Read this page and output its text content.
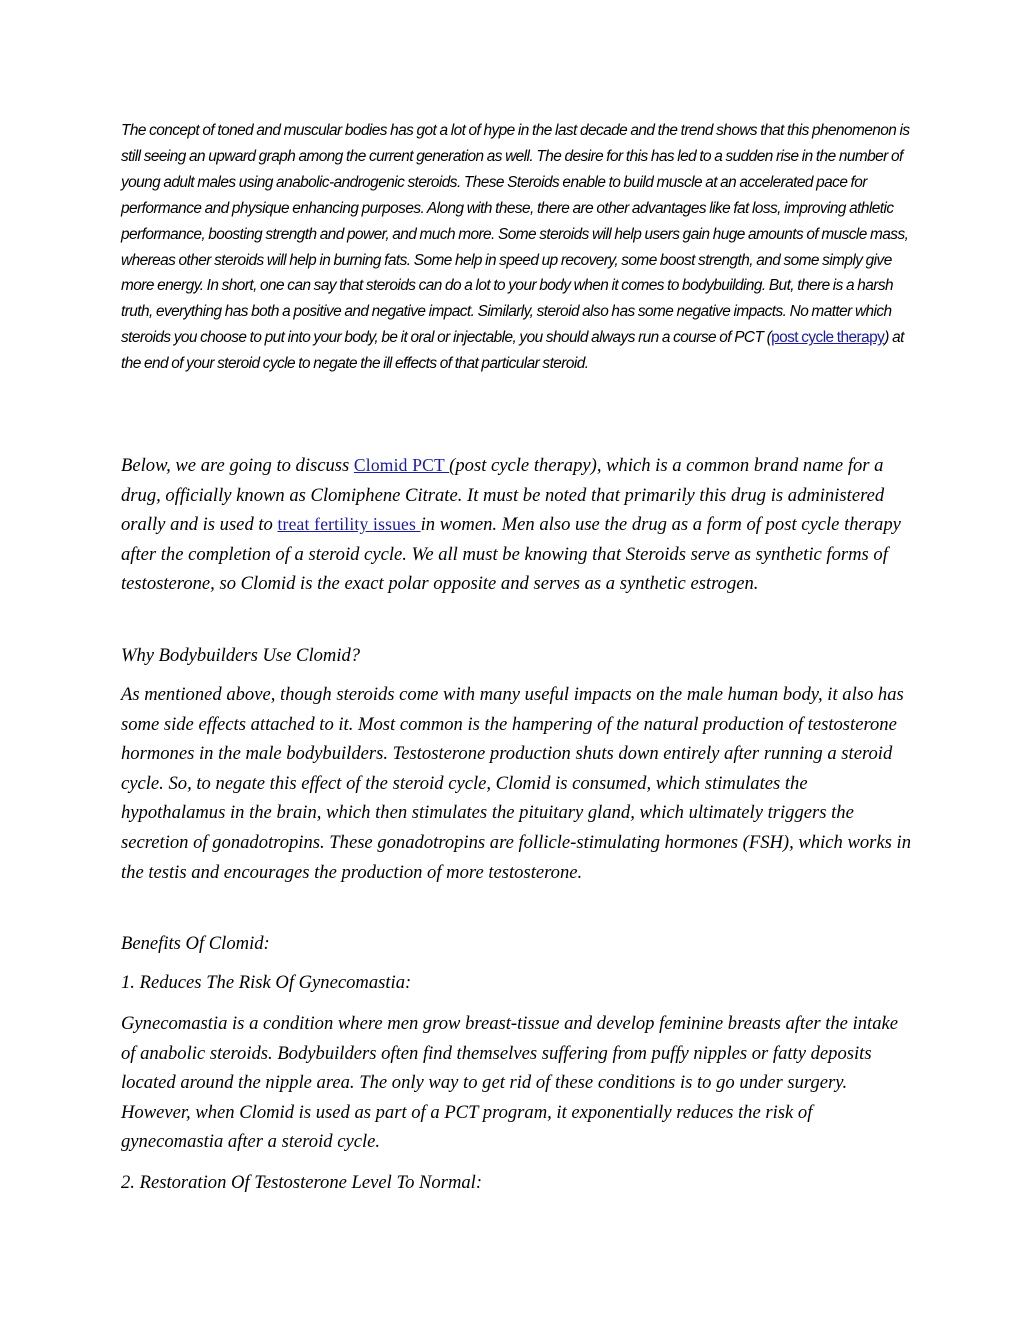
The concept of toned and muscular bodies has got a lot of hype in the last decade and the trend shows that this phenomenon is still seeing an upward graph among the current generation as well. The desire for this has led to a sudden rise in the number of young adult males using anabolic-androgenic steroids. These Steroids enable to build muscle at an accelerated pace for performance and physique enhancing purposes. Along with these, there are other advantages like fat loss, improving athletic performance, boosting strength and power, and much more. Some steroids will help users gain huge amounts of muscle mass, whereas other steroids will help in burning fats. Some help in speed up recovery, some boost strength, and some simply give more energy. In short, one can say that steroids can do a lot to your body when it comes to bodybuilding. But, there is a harsh truth, everything has both a positive and negative impact. Similarly, steroid also has some negative impacts. No matter which steroids you choose to put into your body, be it oral or injectable, you should always run a course of PCT (post cycle therapy) at the end of your steroid cycle to negate the ill effects of that particular steroid.

Below, we are going to discuss Clomid PCT (post cycle therapy), which is a common brand name for a drug, officially known as Clomiphene Citrate. It must be noted that primarily this drug is administered orally and is used to treat fertility issues in women. Men also use the drug as a form of post cycle therapy after the completion of a steroid cycle. We all must be knowing that Steroids serve as synthetic forms of testosterone, so Clomid is the exact polar opposite and serves as a synthetic estrogen.

Why Bodybuilders Use Clomid?
As mentioned above, though steroids come with many useful impacts on the male human body, it also has some side effects attached to it. Most common is the hampering of the natural production of testosterone hormones in the male bodybuilders. Testosterone production shuts down entirely after running a steroid cycle. So, to negate this effect of the steroid cycle, Clomid is consumed, which stimulates the hypothalamus in the brain, which then stimulates the pituitary gland, which ultimately triggers the secretion of gonadotropins. These gonadotropins are follicle-stimulating hormones (FSH), which works in the testis and encourages the production of more testosterone.
Benefits Of Clomid:
1. Reduces The Risk Of Gynecomastia:
Gynecomastia is a condition where men grow breast-tissue and develop feminine breasts after the intake of anabolic steroids. Bodybuilders often find themselves suffering from puffy nipples or fatty deposits located around the nipple area. The only way to get rid of these conditions is to go under surgery. However, when Clomid is used as part of a PCT program, it exponentially reduces the risk of gynecomastia after a steroid cycle.
2. Restoration Of Testosterone Level To Normal:
